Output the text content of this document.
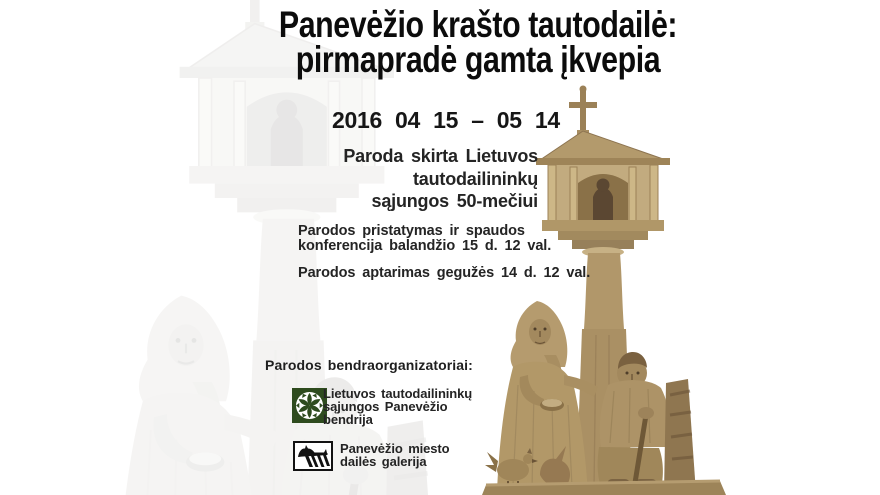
Panevėžio krašto tautodailė:
pirmapradė gamta įkvepia
2016 04 15 – 05 14
Paroda skirta Lietuvos
tautodailininkų
sąjungos 50-mečiui
Parodos pristatymas ir spaudos
konferencija balandžio 15 d. 12 val.
Parodos aptarimas gegužės 14 d. 12 val.
Parodos bendraorganizatoriai:
Lietuvos tautodailininkų
sąjungos Panevėžio
bendrija
Panevėžio miesto
dailės galerija
